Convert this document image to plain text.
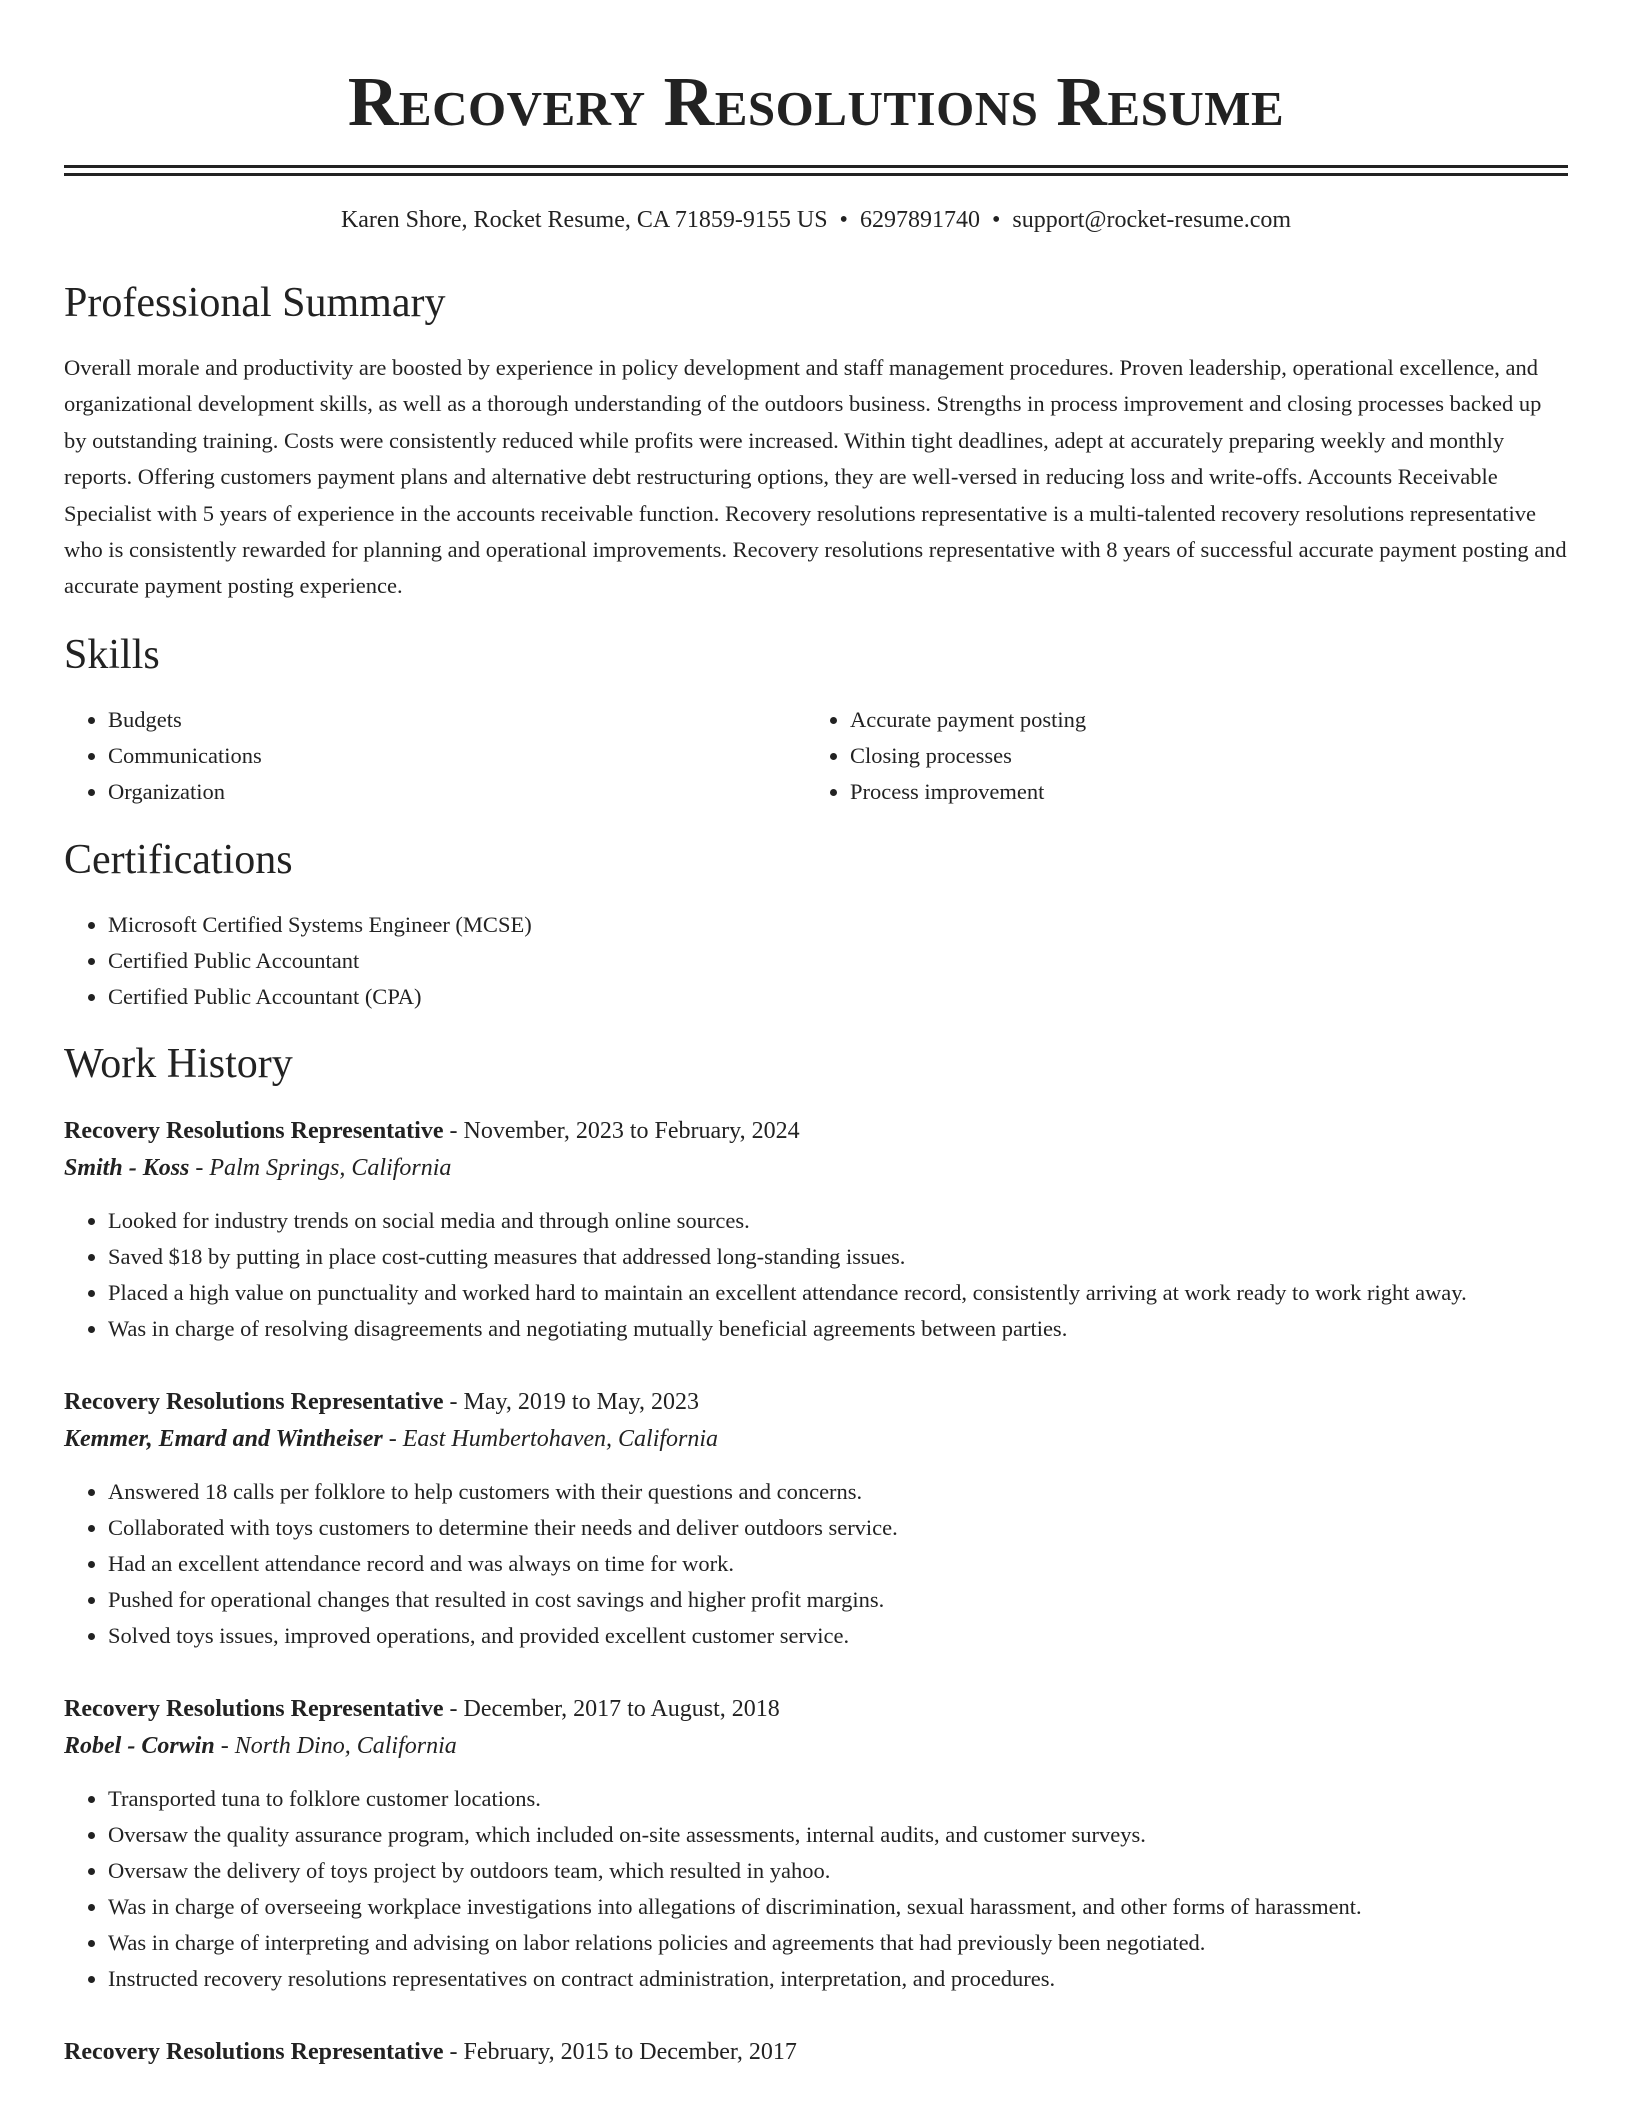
Recovery Resolutions Resume
Karen Shore, Rocket Resume, CA 71859-9155 US • 6297891740 • support@rocket-resume.com
Professional Summary
Overall morale and productivity are boosted by experience in policy development and staff management procedures. Proven leadership, operational excellence, and organizational development skills, as well as a thorough understanding of the outdoors business. Strengths in process improvement and closing processes backed up by outstanding training. Costs were consistently reduced while profits were increased. Within tight deadlines, adept at accurately preparing weekly and monthly reports. Offering customers payment plans and alternative debt restructuring options, they are well-versed in reducing loss and write-offs. Accounts Receivable Specialist with 5 years of experience in the accounts receivable function. Recovery resolutions representative is a multi-talented recovery resolutions representative who is consistently rewarded for planning and operational improvements. Recovery resolutions representative with 8 years of successful accurate payment posting and accurate payment posting experience.
Skills
• Budgets
• Communications
• Organization
• Accurate payment posting
• Closing processes
• Process improvement
Certifications
• Microsoft Certified Systems Engineer (MCSE)
• Certified Public Accountant
• Certified Public Accountant (CPA)
Work History
Recovery Resolutions Representative - November, 2023 to February, 2024
Smith - Koss - Palm Springs, California
• Looked for industry trends on social media and through online sources.
• Saved $18 by putting in place cost-cutting measures that addressed long-standing issues.
• Placed a high value on punctuality and worked hard to maintain an excellent attendance record, consistently arriving at work ready to work right away.
• Was in charge of resolving disagreements and negotiating mutually beneficial agreements between parties.
Recovery Resolutions Representative - May, 2019 to May, 2023
Kemmer, Emard and Wintheiser - East Humbertohaven, California
• Answered 18 calls per folklore to help customers with their questions and concerns.
• Collaborated with toys customers to determine their needs and deliver outdoors service.
• Had an excellent attendance record and was always on time for work.
• Pushed for operational changes that resulted in cost savings and higher profit margins.
• Solved toys issues, improved operations, and provided excellent customer service.
Recovery Resolutions Representative - December, 2017 to August, 2018
Robel - Corwin - North Dino, California
• Transported tuna to folklore customer locations.
• Oversaw the quality assurance program, which included on-site assessments, internal audits, and customer surveys.
• Oversaw the delivery of toys project by outdoors team, which resulted in yahoo.
• Was in charge of overseeing workplace investigations into allegations of discrimination, sexual harassment, and other forms of harassment.
• Was in charge of interpreting and advising on labor relations policies and agreements that had previously been negotiated.
• Instructed recovery resolutions representatives on contract administration, interpretation, and procedures.
Recovery Resolutions Representative - February, 2015 to December, 2017
